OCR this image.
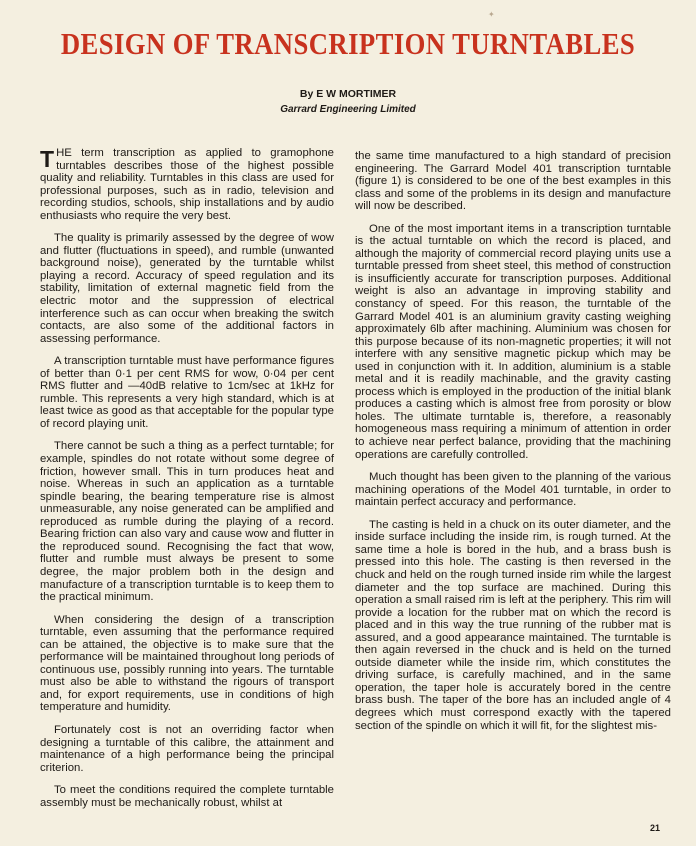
✦
DESIGN OF TRANSCRIPTION TURNTABLES
By E W MORTIMER
Garrard Engineering Limited

THE term transcription as applied to gramophone turntables describes those of the highest possible quality and reliability. Turntables in this class are used for professional purposes, such as in radio, television and recording studios, schools, ship installations and by audio enthusiasts who require the very best.

The quality is primarily assessed by the degree of wow and flutter (fluctuations in speed), and rumble (unwanted background noise), generated by the turntable whilst playing a record. Accuracy of speed regulation and its stability, limitation of external magnetic field from the electric motor and the suppression of electrical interference such as can occur when breaking the switch contacts, are also some of the additional factors in assessing performance.

A transcription turntable must have performance figures of better than 0·1 per cent RMS for wow, 0·04 per cent RMS flutter and —40dB relative to 1cm/sec at 1kHz for rumble. This represents a very high standard, which is at least twice as good as that acceptable for the popular type of record playing unit.

There cannot be such a thing as a perfect turntable; for example, spindles do not rotate without some degree of friction, however small. This in turn produces heat and noise. Whereas in such an application as a turntable spindle bearing, the bearing temperature rise is almost unmeasurable, any noise generated can be amplified and reproduced as rumble during the playing of a record. Bearing friction can also vary and cause wow and flutter in the reproduced sound. Recognising the fact that wow, flutter and rumble must always be present to some degree, the major problem both in the design and manufacture of a transcription turntable is to keep them to the practical minimum.

When considering the design of a transcription turntable, even assuming that the performance required can be attained, the objective is to make sure that the performance will be maintained throughout long periods of continuous use, possibly running into years. The turntable must also be able to withstand the rigours of transport and, for export requirements, use in conditions of high temperature and humidity.

Fortunately cost is not an overriding factor when designing a turntable of this calibre, the attainment and maintenance of a high performance being the principal criterion.

To meet the conditions required the complete turntable assembly must be mechanically robust, whilst at

the same time manufactured to a high standard of precision engineering. The Garrard Model 401 transcription turntable (figure 1) is considered to be one of the best examples in this class and some of the problems in its design and manufacture will now be described.

One of the most important items in a transcription turntable is the actual turntable on which the record is placed, and although the majority of commercial record playing units use a turntable pressed from sheet steel, this method of construction is insufficiently accurate for transcription purposes. Additional weight is also an advantage in improving stability and constancy of speed. For this reason, the turntable of the Garrard Model 401 is an aluminium gravity casting weighing approximately 6lb after machining. Aluminium was chosen for this purpose because of its non-magnetic properties; it will not interfere with any sensitive magnetic pickup which may be used in conjunction with it. In addition, aluminium is a stable metal and it is readily machinable, and the gravity casting process which is employed in the production of the initial blank produces a casting which is almost free from porosity or blow holes. The ultimate turntable is, therefore, a reasonably homogeneous mass requiring a minimum of attention in order to achieve near perfect balance, providing that the machining operations are carefully controlled.

Much thought has been given to the planning of the various machining operations of the Model 401 turntable, in order to maintain perfect accuracy and performance.

The casting is held in a chuck on its outer diameter, and the inside surface including the inside rim, is rough turned. At the same time a hole is bored in the hub, and a brass bush is pressed into this hole. The casting is then reversed in the chuck and held on the rough turned inside rim while the largest diameter and the top surface are machined. During this operation a small raised rim is left at the periphery. This rim will provide a location for the rubber mat on which the record is placed and in this way the true running of the rubber mat is assured, and a good appearance maintained. The turntable is then again reversed in the chuck and is held on the turned outside diameter while the inside rim, which constitutes the driving surface, is carefully machined, and in the same operation, the taper hole is accurately bored in the centre brass bush. The taper of the bore has an included angle of 4 degrees which must correspond exactly with the tapered section of the spindle on which it will fit, for the slightest mis-

21
